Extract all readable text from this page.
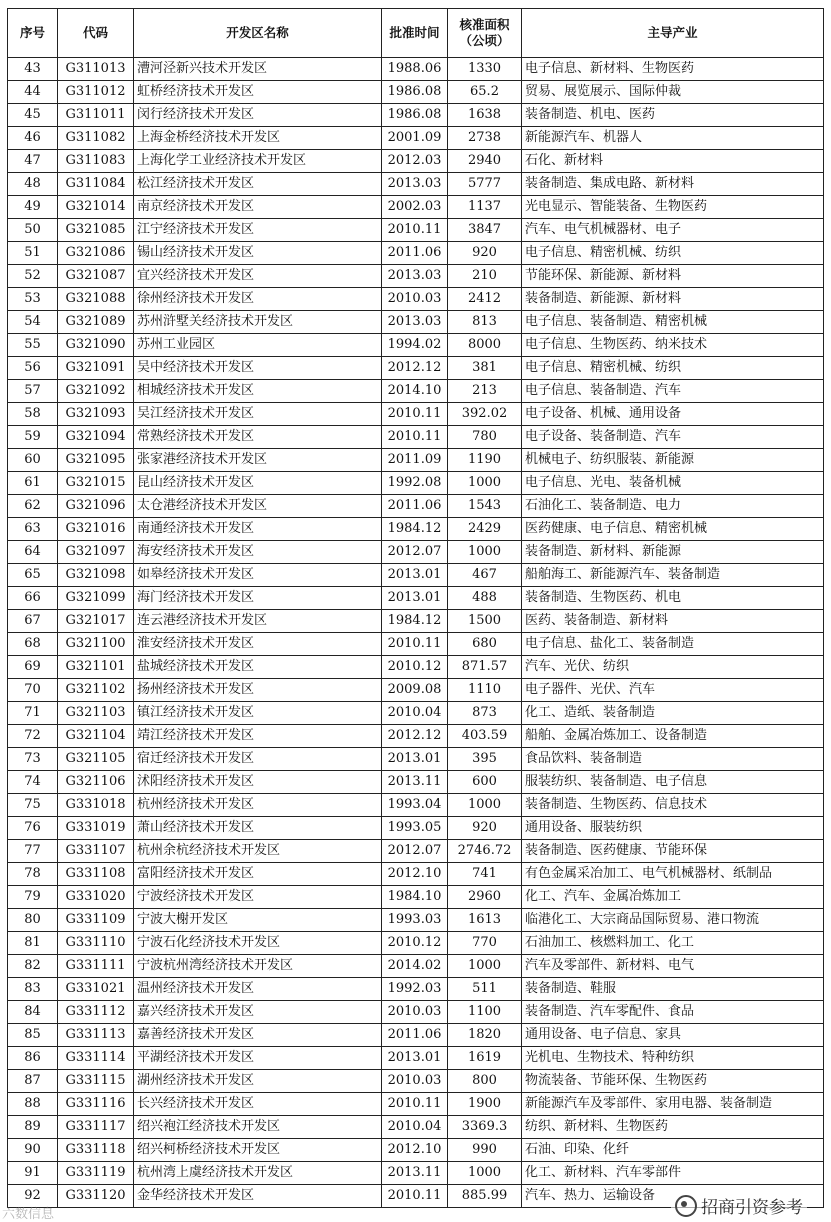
序号	代码	开发区名称	批准时间	核准面积（公顷）	主导产业
43	G311013	漕河泾新兴技术开发区	1988.06	1330	电子信息、新材料、生物医药
44	G311012	虹桥经济技术开发区	1986.08	65.2	贸易、展览展示、国际仲裁
45	G311011	闵行经济技术开发区	1986.08	1638	装备制造、机电、医药
46	G311082	上海金桥经济技术开发区	2001.09	2738	新能源汽车、机器人
47	G311083	上海化学工业经济技术开发区	2012.03	2940	石化、新材料
48	G311084	松江经济技术开发区	2013.03	5777	装备制造、集成电路、新材料
49	G321014	南京经济技术开发区	2002.03	1137	光电显示、智能装备、生物医药
50	G321085	江宁经济技术开发区	2010.11	3847	汽车、电气机械器材、电子
51	G321086	锡山经济技术开发区	2011.06	920	电子信息、精密机械、纺织
52	G321087	宜兴经济技术开发区	2013.03	210	节能环保、新能源、新材料
53	G321088	徐州经济技术开发区	2010.03	2412	装备制造、新能源、新材料
54	G321089	苏州浒墅关经济技术开发区	2013.03	813	电子信息、装备制造、精密机械
55	G321090	苏州工业园区	1994.02	8000	电子信息、生物医药、纳米技术
56	G321091	吴中经济技术开发区	2012.12	381	电子信息、精密机械、纺织
57	G321092	相城经济技术开发区	2014.10	213	电子信息、装备制造、汽车
58	G321093	吴江经济技术开发区	2010.11	392.02	电子设备、机械、通用设备
59	G321094	常熟经济技术开发区	2010.11	780	电子设备、装备制造、汽车
60	G321095	张家港经济技术开发区	2011.09	1190	机械电子、纺织服装、新能源
61	G321015	昆山经济技术开发区	1992.08	1000	电子信息、光电、装备机械
62	G321096	太仓港经济技术开发区	2011.06	1543	石油化工、装备制造、电力
63	G321016	南通经济技术开发区	1984.12	2429	医药健康、电子信息、精密机械
64	G321097	海安经济技术开发区	2012.07	1000	装备制造、新材料、新能源
65	G321098	如皋经济技术开发区	2013.01	467	船舶海工、新能源汽车、装备制造
66	G321099	海门经济技术开发区	2013.01	488	装备制造、生物医药、机电
67	G321017	连云港经济技术开发区	1984.12	1500	医药、装备制造、新材料
68	G321100	淮安经济技术开发区	2010.11	680	电子信息、盐化工、装备制造
69	G321101	盐城经济技术开发区	2010.12	871.57	汽车、光伏、纺织
70	G321102	扬州经济技术开发区	2009.08	1110	电子器件、光伏、汽车
71	G321103	镇江经济技术开发区	2010.04	873	化工、造纸、装备制造
72	G321104	靖江经济技术开发区	2012.12	403.59	船舶、金属冶炼加工、设备制造
73	G321105	宿迁经济技术开发区	2013.01	395	食品饮料、装备制造
74	G321106	沭阳经济技术开发区	2013.11	600	服装纺织、装备制造、电子信息
75	G331018	杭州经济技术开发区	1993.04	1000	装备制造、生物医药、信息技术
76	G331019	萧山经济技术开发区	1993.05	920	通用设备、服装纺织
77	G331107	杭州余杭经济技术开发区	2012.07	2746.72	装备制造、医药健康、节能环保
78	G331108	富阳经济技术开发区	2012.10	741	有色金属采冶加工、电气机械器材、纸制品
79	G331020	宁波经济技术开发区	1984.10	2960	化工、汽车、金属冶炼加工
80	G331109	宁波大榭开发区	1993.03	1613	临港化工、大宗商品国际贸易、港口物流
81	G331110	宁波石化经济技术开发区	2010.12	770	石油加工、核燃料加工、化工
82	G331111	宁波杭州湾经济技术开发区	2014.02	1000	汽车及零部件、新材料、电气
83	G331021	温州经济技术开发区	1992.03	511	装备制造、鞋服
84	G331112	嘉兴经济技术开发区	2010.03	1100	装备制造、汽车零配件、食品
85	G331113	嘉善经济技术开发区	2011.06	1820	通用设备、电子信息、家具
86	G331114	平湖经济技术开发区	2013.01	1619	光机电、生物技术、特种纺织
87	G331115	湖州经济技术开发区	2010.03	800	物流装备、节能环保、生物医药
88	G331116	长兴经济技术开发区	2010.11	1900	新能源汽车及零部件、家用电器、装备制造
89	G331117	绍兴袍江经济技术开发区	2010.04	3369.3	纺织、新材料、生物医药
90	G331118	绍兴柯桥经济技术开发区	2012.10	990	石油、印染、化纤
91	G331119	杭州湾上虞经济技术开发区	2013.11	1000	化工、新材料、汽车零部件
92	G331120	金华经济技术开发区	2010.11	885.99	汽车、热力、运输设备
招商引资参考
六数信息
